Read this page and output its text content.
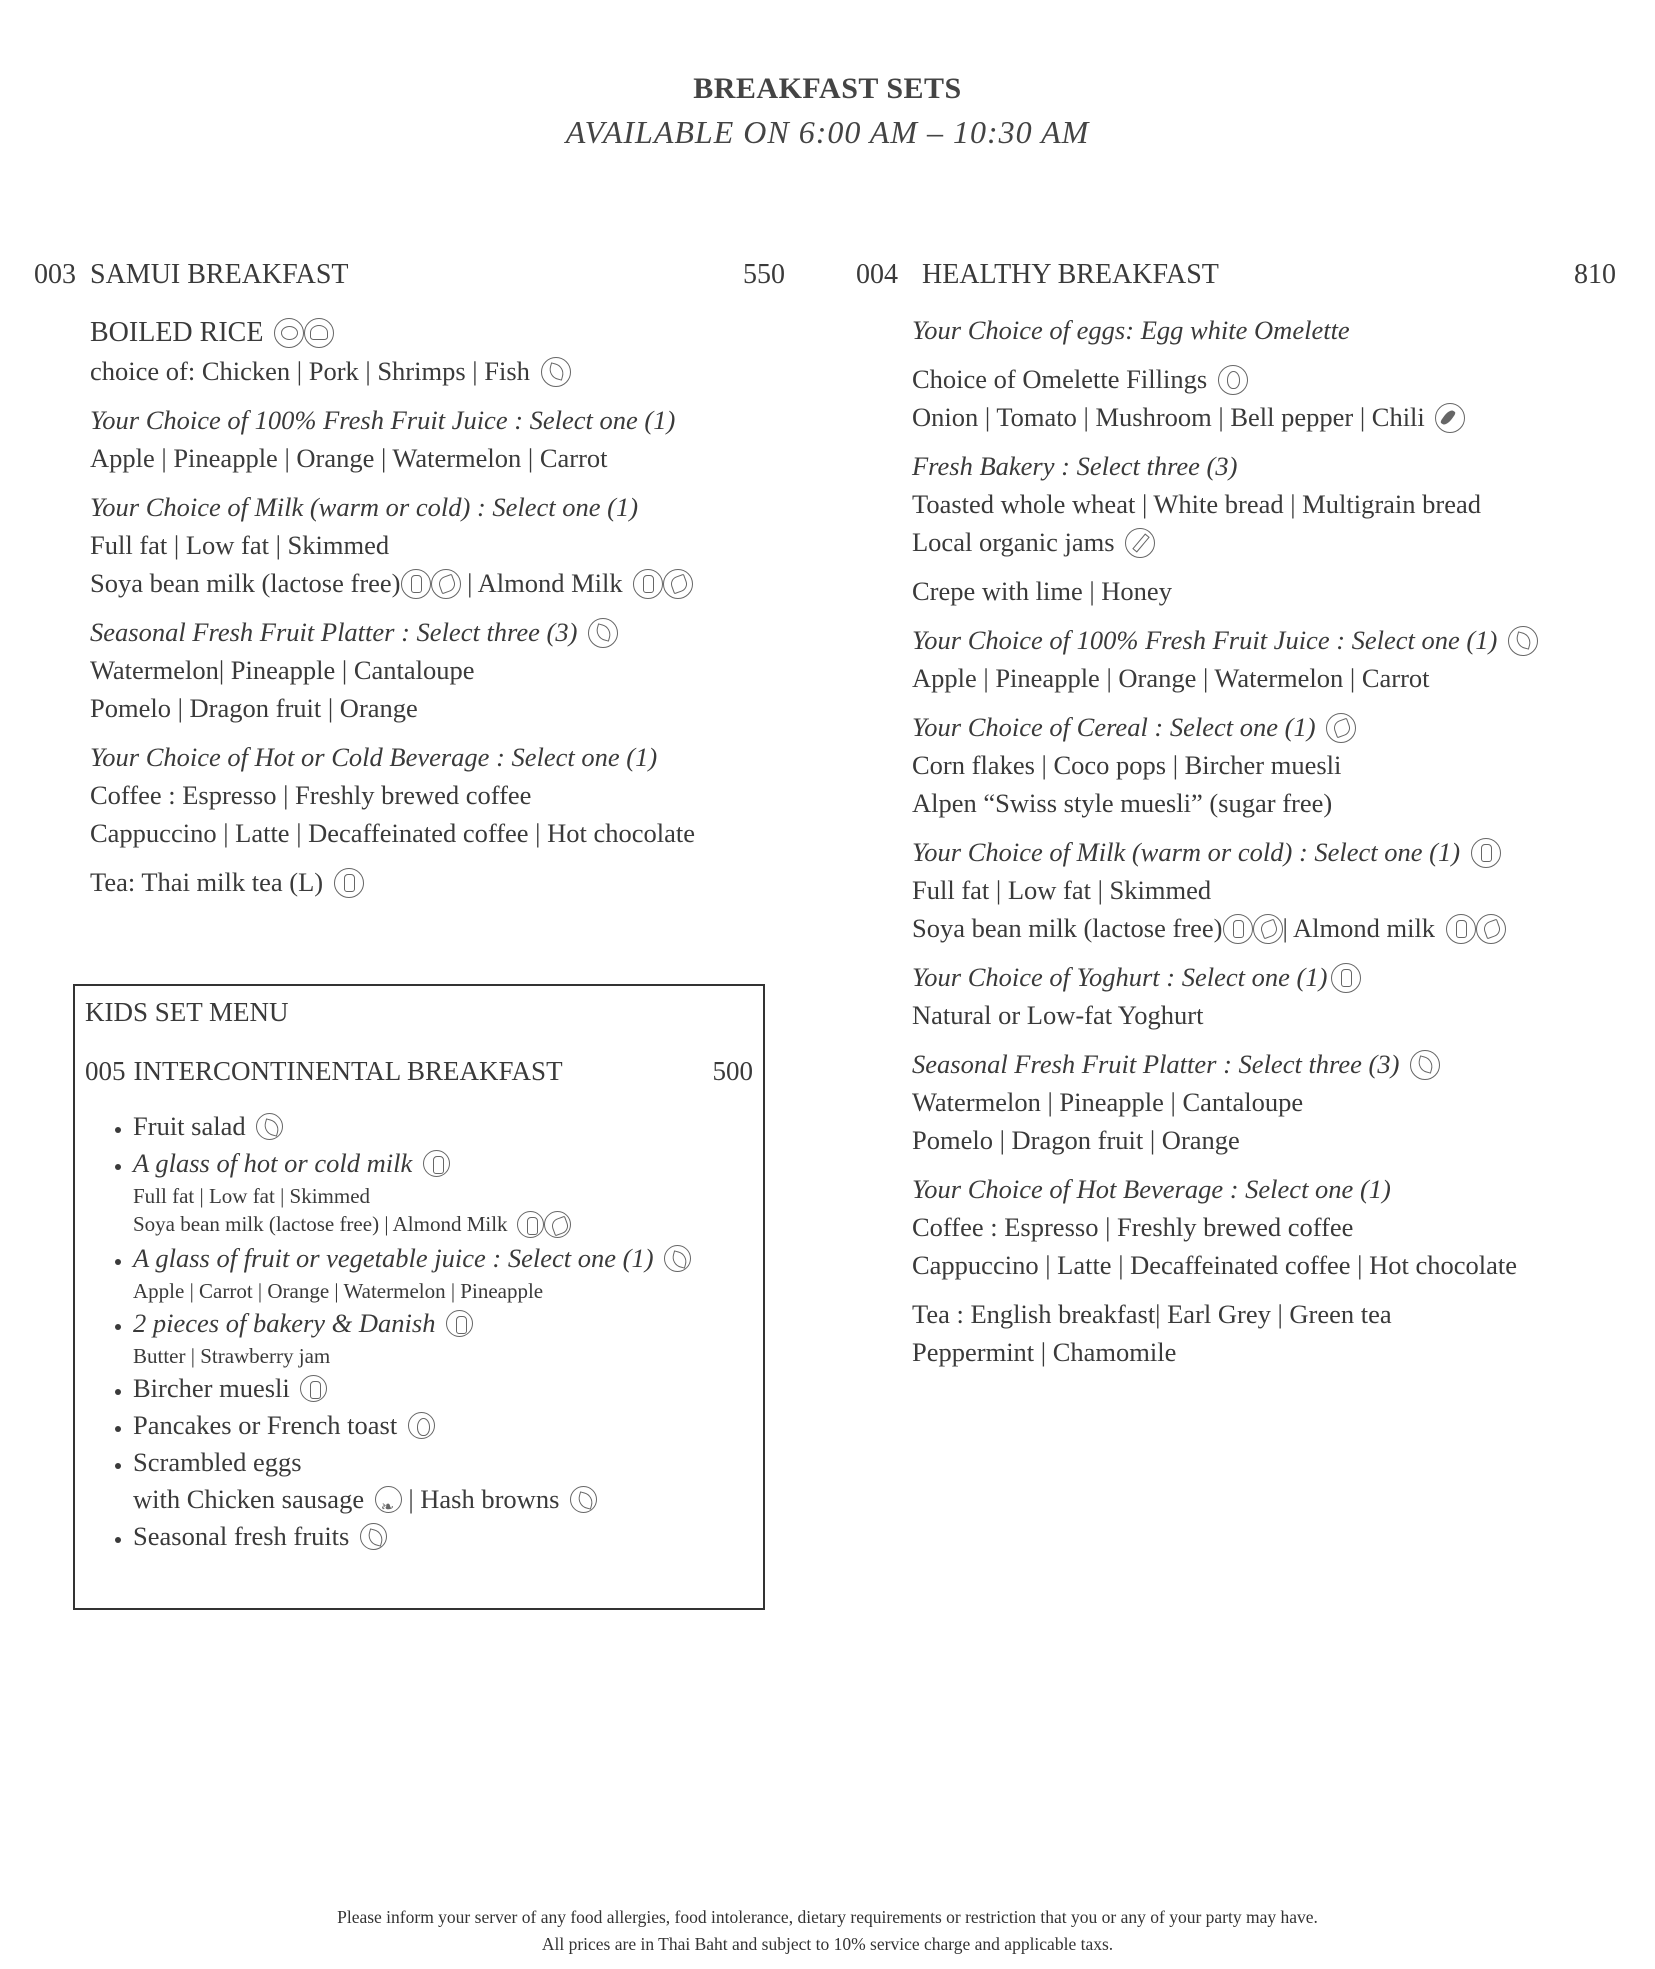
BREAKFAST SETS
AVAILABLE ON 6:00 AM – 10:30 AM
003 SAMUI BREAKFAST	550
BOILED RICE
choice of: Chicken | Pork | Shrimps | Fish
Your Choice of 100% Fresh Fruit Juice : Select one (1)
Apple | Pineapple | Orange | Watermelon | Carrot
Your Choice of Milk (warm or cold) : Select one (1)
Full fat | Low fat | Skimmed
Soya bean milk (lactose free)	| Almond Milk
Seasonal Fresh Fruit Platter : Select three (3)
Watermelon| Pineapple | Cantaloupe
Pomelo | Dragon fruit | Orange
Your Choice of Hot or Cold Beverage : Select one (1)
Coffee : Espresso | Freshly brewed coffee
Cappuccino | Latte | Decaffeinated coffee | Hot chocolate
Tea: Thai milk tea (L)
KIDS SET MENU
005 INTERCONTINENTAL BREAKFAST	500
• Fruit salad
• A glass of hot or cold milk
Full fat | Low fat | Skimmed
Soya bean milk (lactose free) | Almond Milk
• A glass of fruit or vegetable juice : Select one (1)
Apple | Carrot | Orange | Watermelon | Pineapple
• 2 pieces of bakery & Danish
Butter | Strawberry jam
• Bircher muesli
• Pancakes or French toast
• Scrambled eggs
with Chicken sausage ❧ | Hash browns
• Seasonal fresh fruits
004 HEALTHY BREAKFAST	810
Your Choice of eggs: Egg white Omelette
Choice of Omelette Fillings
Onion | Tomato | Mushroom | Bell pepper | Chili
Fresh Bakery : Select three (3)
Toasted whole wheat | White bread | Multigrain bread
Local organic jams
Crepe with lime | Honey
Your Choice of 100% Fresh Fruit Juice : Select one (1)
Apple | Pineapple | Orange | Watermelon | Carrot
Your Choice of Cereal : Select one (1)
Corn flakes | Coco pops | Bircher muesli
Alpen “Swiss style muesli” (sugar free)
Your Choice of Milk (warm or cold) : Select one (1)
Full fat | Low fat | Skimmed
Soya bean milk (lactose free) | Almond milk
Your Choice of Yoghurt : Select one (1)
Natural or Low-fat Yoghurt
Seasonal Fresh Fruit Platter : Select three (3)
Watermelon | Pineapple | Cantaloupe
Pomelo | Dragon fruit | Orange
Your Choice of Hot Beverage : Select one (1)
Coffee : Espresso | Freshly brewed coffee
Cappuccino | Latte | Decaffeinated coffee | Hot chocolate
Tea : English breakfast| Earl Grey | Green tea
Peppermint | Chamomile
Please inform your server of any food allergies, food intolerance, dietary requirements or restriction that you or any of your party may have.
All prices are in Thai Baht and subject to 10% service charge and applicable taxs.
